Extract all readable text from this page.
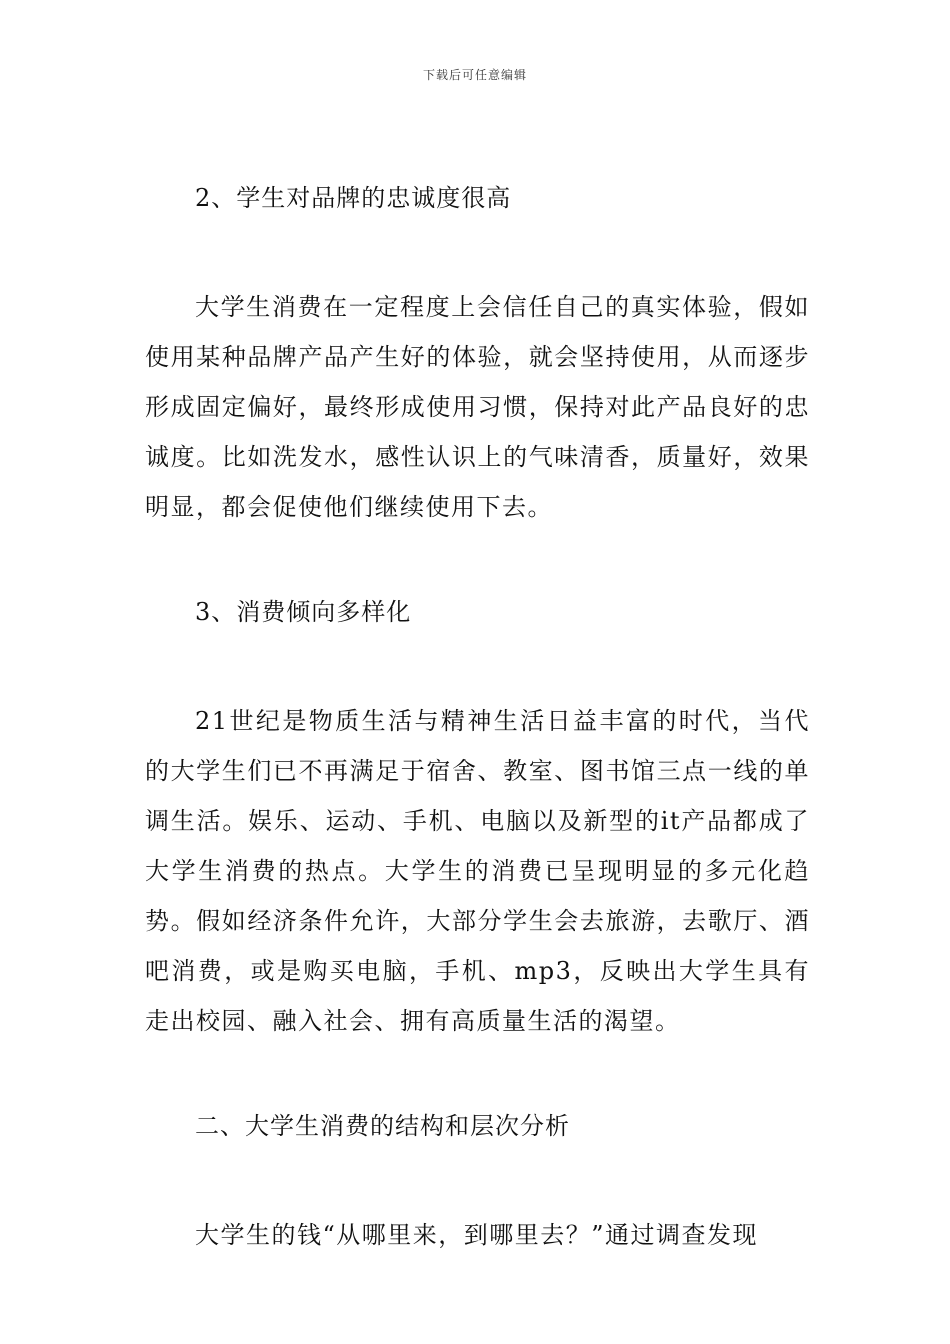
下载后可任意编辑
2、学生对品牌的忠诚度很高

大学生消费在一定程度上会信任自己的真实体验，假如使用某种品牌产品产生好的体验，就会坚持使用，从而逐步形成固定偏好，最终形成使用习惯，保持对此产品良好的忠诚度。比如洗发水，感性认识上的气味清香，质量好，效果明显，都会促使他们继续使用下去。

3、消费倾向多样化

21世纪是物质生活与精神生活日益丰富的时代，当代的大学生们已不再满足于宿舍、教室、图书馆三点一线的单调生活。娱乐、运动、手机、电脑以及新型的it产品都成了大学生消费的热点。大学生的消费已呈现明显的多元化趋势。假如经济条件允许，大部分学生会去旅游，去歌厅、酒吧消费，或是购买电脑，手机、mp3，反映出大学生具有走出校园、融入社会、拥有高质量生活的渴望。

二、大学生消费的结构和层次分析

大学生的钱“从哪里来，到哪里去？”通过调查发现
